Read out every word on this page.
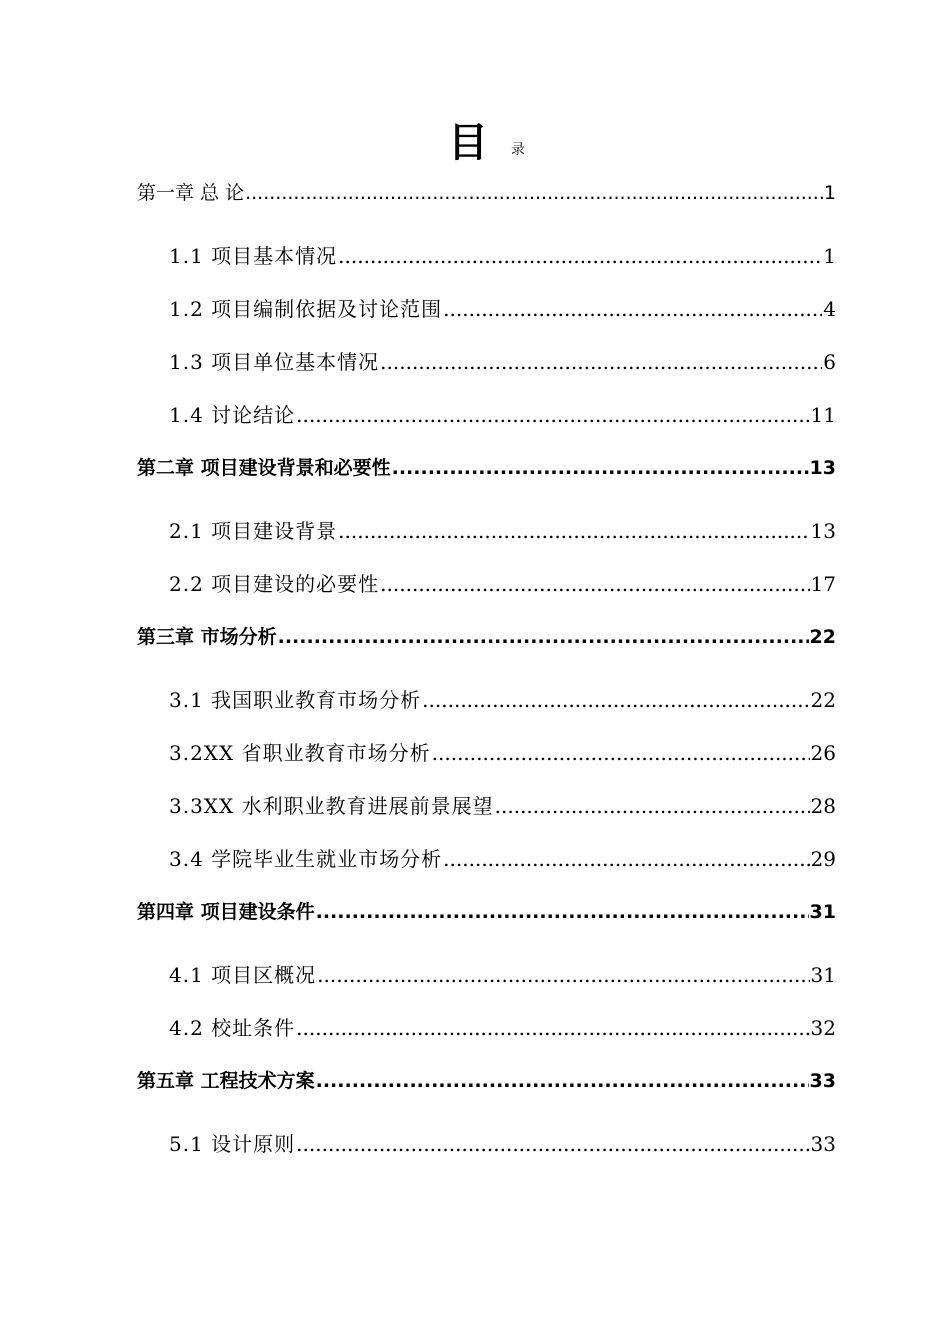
目 录
第一章 总 论 .....	1
1.1 项目基本情况 .....	1
1.2 项目编制依据及讨论范围 .....	4
1.3 项目单位基本情况 .....	6
1.4 讨论结论 .....	11
第二章 项目建设背景和必要性 .....	13
2.1 项目建设背景 .....	13
2.2 项目建设的必要性 .....	17
第三章 市场分析 .....	22
3.1 我国职业教育市场分析 .....	22
3.2XX 省职业教育市场分析 .....	26
3.3XX 水利职业教育进展前景展望 .....	28
3.4 学院毕业生就业市场分析 .....	29
第四章 项目建设条件 .....	31
4.1 项目区概况 .....	31
4.2 校址条件 .....	32
第五章 工程技术方案 .....	33
5.1 设计原则 .....	33
